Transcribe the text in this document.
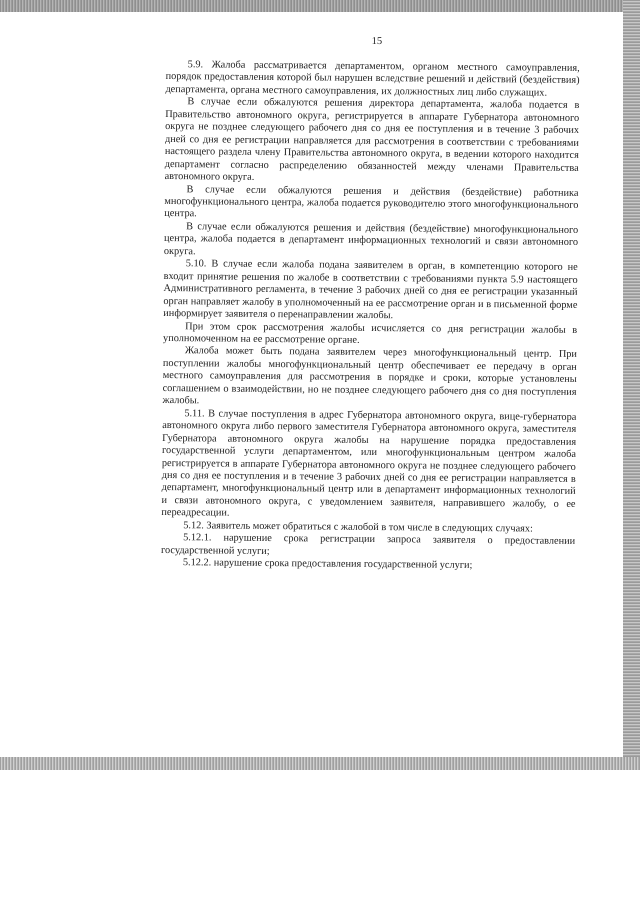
15

5.9. Жалоба рассматривается департаментом, органом местного самоуправления, порядок предоставления которой был нарушен вследствие решений и действий (бездействия) департамента, органа местного самоуправления, их должностных лиц либо служащих.

В случае если обжалуются решения директора департамента, жалоба подается в Правительство автономного округа, регистрируется в аппарате Губернатора автономного округа не позднее следующего рабочего дня со дня ее поступления и в течение 3 рабочих дней со дня ее регистрации направляется для рассмотрения в соответствии с требованиями настоящего раздела члену Правительства автономного округа, в ведении которого находится департамент согласно распределению обязанностей между членами Правительства автономного округа.

В случае если обжалуются решения и действия (бездействие) работника многофункционального центра, жалоба подается руководителю этого многофункционального центра.

В случае если обжалуются решения и действия (бездействие) многофункционального центра, жалоба подается в департамент информационных технологий и связи автономного округа.

5.10. В случае если жалоба подана заявителем в орган, в компетенцию которого не входит принятие решения по жалобе в соответствии с требованиями пункта 5.9 настоящего Административного регламента, в течение 3 рабочих дней со дня ее регистрации указанный орган направляет жалобу в уполномоченный на ее рассмотрение орган и в письменной форме информирует заявителя о перенаправлении жалобы.

При этом срок рассмотрения жалобы исчисляется со дня регистрации жалобы в уполномоченном на ее рассмотрение органе.

Жалоба может быть подана заявителем через многофункциональный центр. При поступлении жалобы многофункциональный центр обеспечивает ее передачу в орган местного самоуправления для рассмотрения в порядке и сроки, которые установлены соглашением о взаимодействии, но не позднее следующего рабочего дня со дня поступления жалобы.

5.11. В случае поступления в адрес Губернатора автономного округа, вице-губернатора автономного округа либо первого заместителя Губернатора автономного округа, заместителя Губернатора автономного округа жалобы на нарушение порядка предоставления государственной услуги департаментом, или многофункциональным центром жалоба регистрируется в аппарате Губернатора автономного округа не позднее следующего рабочего дня со дня ее поступления и в течение 3 рабочих дней со дня ее регистрации направляется в департамент, многофункциональный центр или в департамент информационных технологий и связи автономного округа, с уведомлением заявителя, направившего жалобу, о ее переадресации.

5.12. Заявитель может обратиться с жалобой в том числе в следующих случаях:

5.12.1. нарушение срока регистрации запроса заявителя о предоставлении государственной услуги;

5.12.2. нарушение срока предоставления государственной услуги;
